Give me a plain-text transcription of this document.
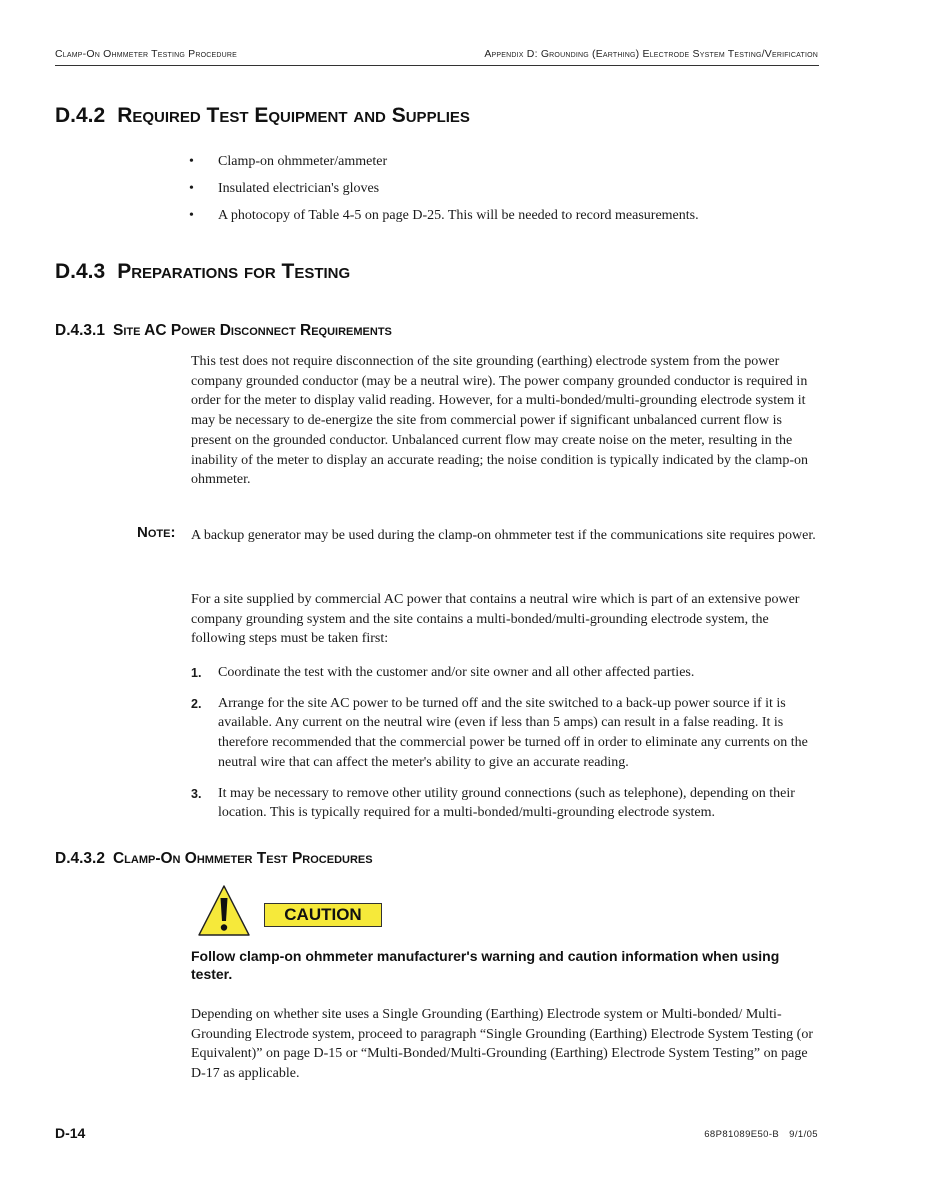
Clamp-On Ohmmeter Testing Procedure	Appendix D: Grounding (Earthing) Electrode System Testing/Verification
D.4.2 Required Test Equipment and Supplies
• Clamp-on ohmmeter/ammeter
• Insulated electrician's gloves
• A photocopy of Table 4-5 on page D-25. This will be needed to record measurements.
D.4.3 Preparations for Testing
D.4.3.1 Site AC Power Disconnect Requirements

This test does not require disconnection of the site grounding (earthing) electrode system from the power company grounded conductor (may be a neutral wire). The power company grounded conductor is required in order for the meter to display valid reading. However, for a multi-bonded/multi-grounding electrode system it may be necessary to de-energize the site from commercial power if significant unbalanced current flow is present on the grounded conductor. Unbalanced current flow may create noise on the meter, resulting in the inability of the meter to display an accurate reading; the noise condition is typically indicated by the clamp-on ohmmeter.

Note: A backup generator may be used during the clamp-on ohmmeter test if the communications site requires power.

For a site supplied by commercial AC power that contains a neutral wire which is part of an extensive power company grounding system and the site contains a multi-bonded/multi-grounding electrode system, the following steps must be taken first:

1. Coordinate the test with the customer and/or site owner and all other affected parties.
2. Arrange for the site AC power to be turned off and the site switched to a back-up power source if it is available. Any current on the neutral wire (even if less than 5 amps) can result in a false reading. It is therefore recommended that the commercial power be turned off in order to eliminate any currents on the neutral wire that can affect the meter's ability to give an accurate reading.
3. It may be necessary to remove other utility ground connections (such as telephone), depending on their location. This is typically required for a multi-bonded/multi-grounding electrode system.
D.4.3.2 Clamp-On Ohmmeter Test Procedures
CAUTION

Follow clamp-on ohmmeter manufacturer's warning and caution information when using tester.

Depending on whether site uses a Single Grounding (Earthing) Electrode system or Multi-bonded/ Multi-Grounding Electrode system, proceed to paragraph “Single Grounding (Earthing) Electrode System Testing (or Equivalent)” on page D-15 or “Multi-Bonded/Multi-Grounding (Earthing) Electrode System Testing” on page D-17 as applicable.

D-14	68P81089E50-B 9/1/05
